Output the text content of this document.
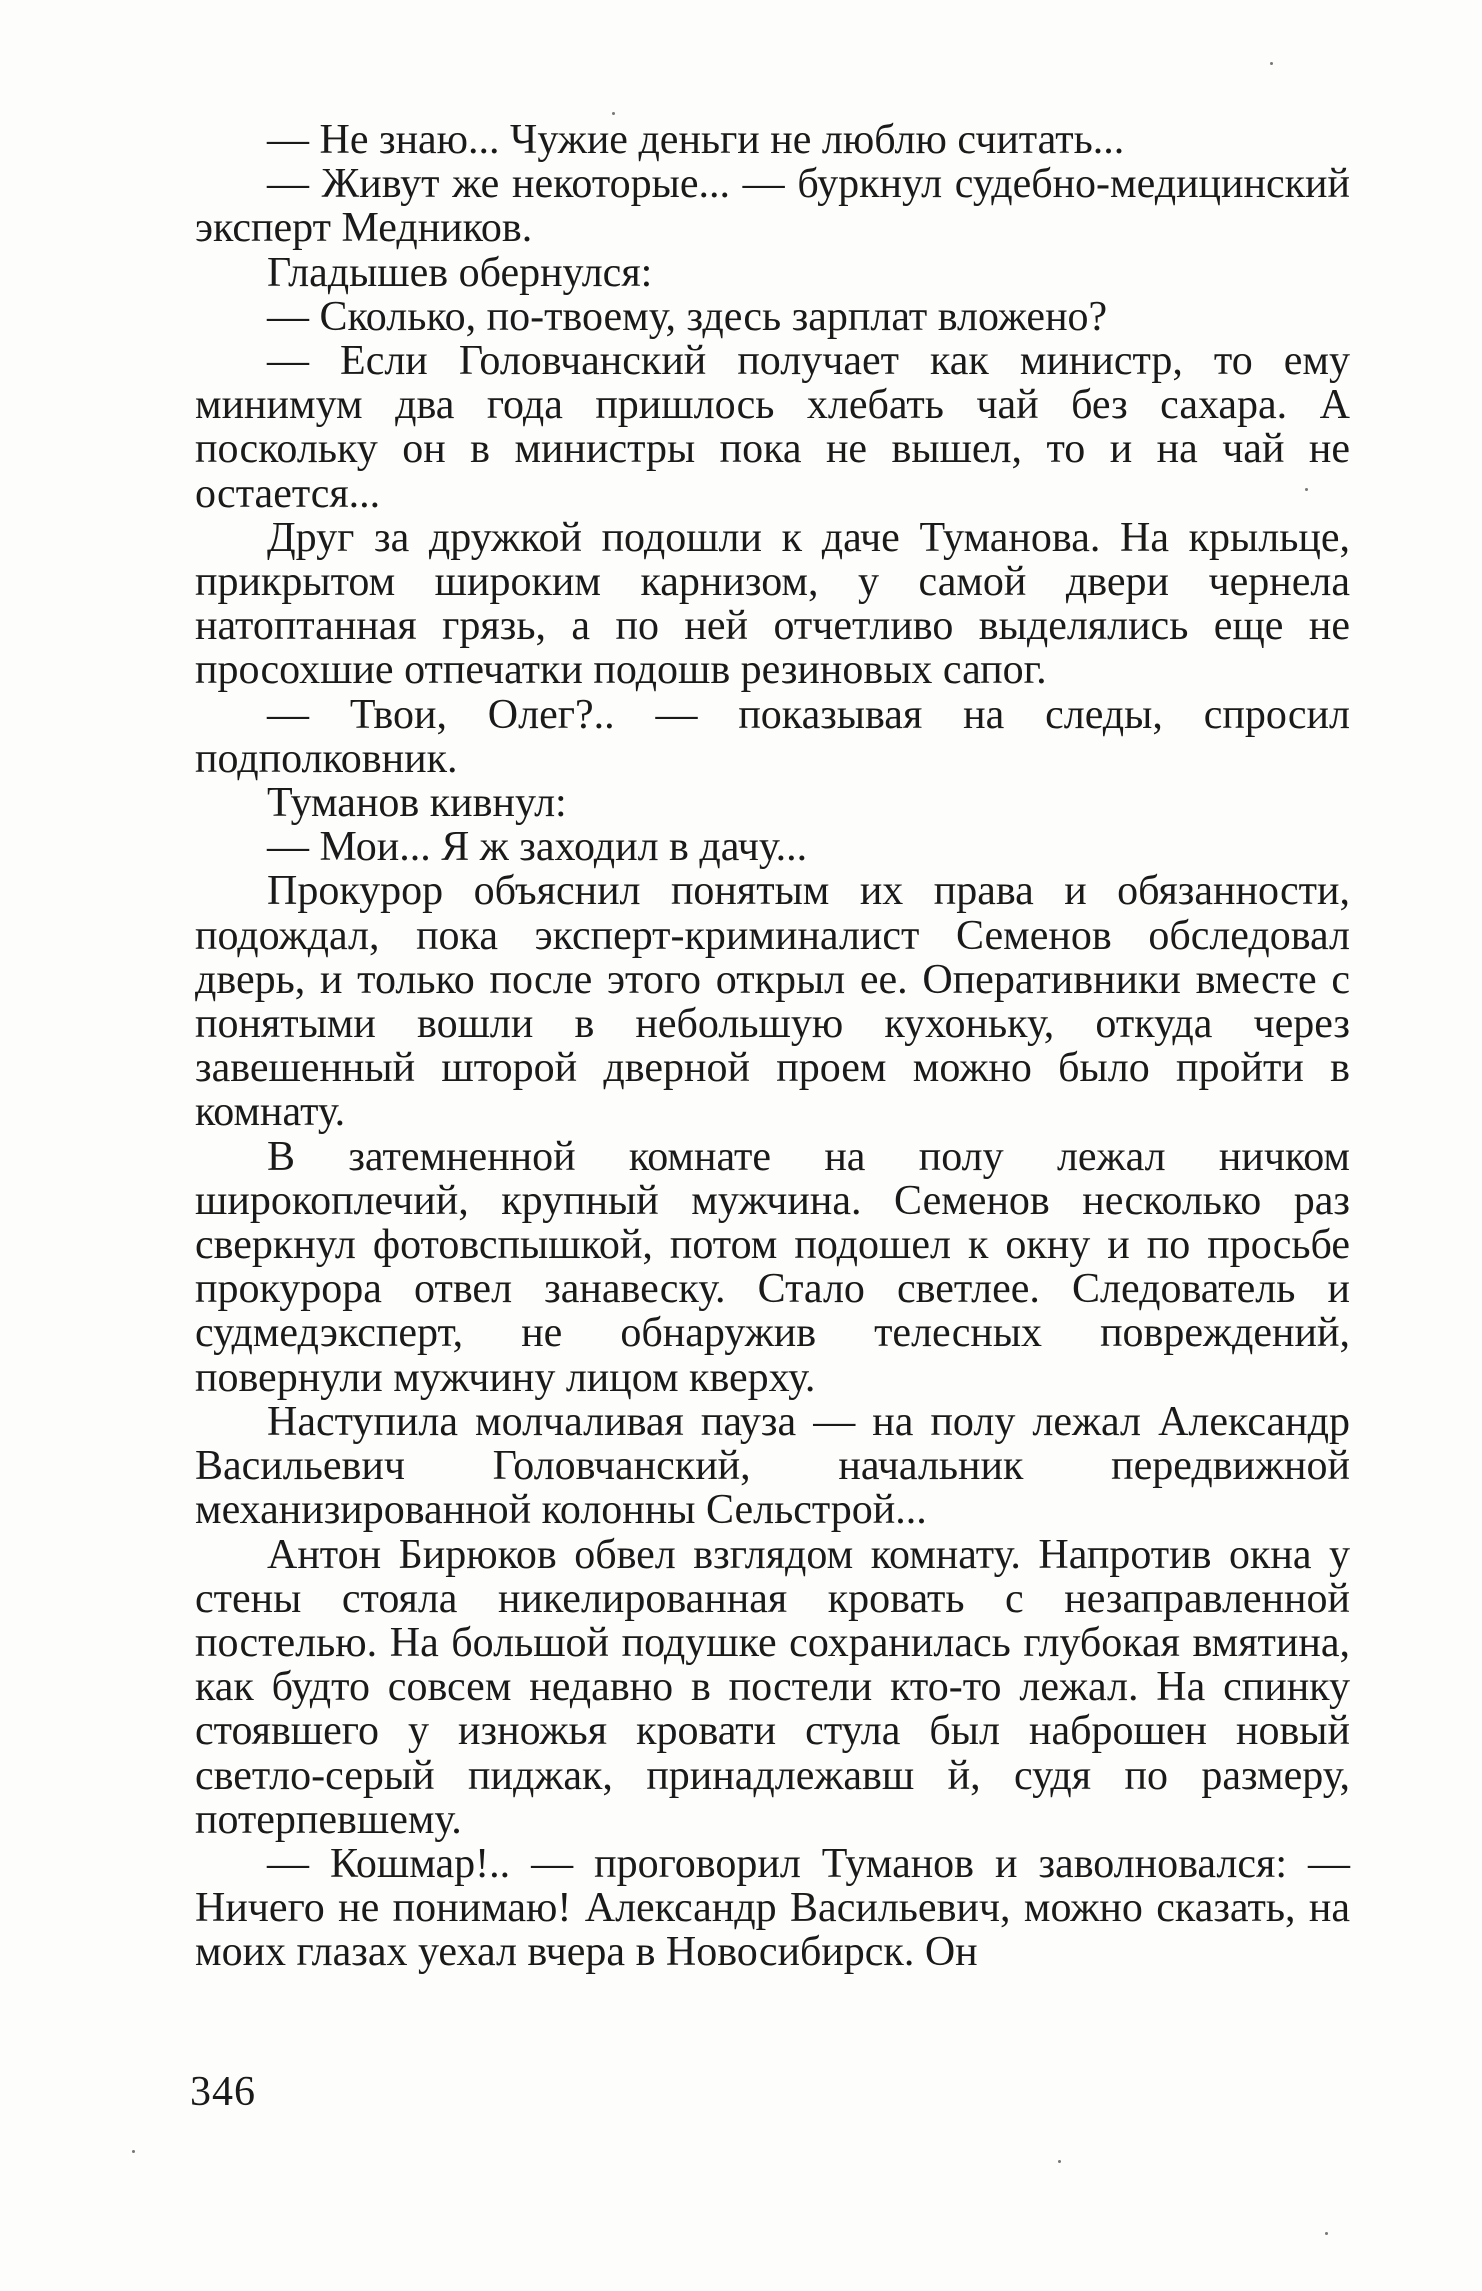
— Не знаю... Чужие деньги не люблю считать...

— Живут же некоторые... — буркнул судебно-медицинский эксперт Медников.

Гладышев обернулся:

— Сколько, по-твоему, здесь зарплат вложено?

— Если Головчанский получает как министр, то ему минимум два года пришлось хлебать чай без сахара. А поскольку он в министры пока не вышел, то и на чай не остается...

Друг за дружкой подошли к даче Туманова. На крыльце, прикрытом широким карнизом, у самой двери чернела натоптанная грязь, а по ней отчетливо выделялись еще не просохшие отпечатки подошв резиновых сапог.

— Твои, Олег?.. — показывая на следы, спросил подполковник.

Туманов кивнул:

— Мои... Я ж заходил в дачу...

Прокурор объяснил понятым их права и обязанности, подождал, пока эксперт-криминалист Семенов обследовал дверь, и только после этого открыл ее. Оперативники вместе с понятыми вошли в небольшую кухоньку, откуда через завешенный шторой дверной проем можно было пройти в комнату.

В затемненной комнате на полу лежал ничком широкоплечий, крупный мужчина. Семенов несколько раз сверкнул фотовспышкой, потом подошел к окну и по просьбе прокурора отвел занавеску. Стало светлее. Следователь и судмедэксперт, не обнаружив телесных повреждений, повернули мужчину лицом кверху.

Наступила молчаливая пауза — на полу лежал Александр Васильевич Головчанский, начальник передвижной механизированной колонны Сельстрой...

Антон Бирюков обвел взглядом комнату. Напротив окна у стены стояла никелированная кровать с незаправленной постелью. На большой подушке сохранилась глубокая вмятина, как будто совсем недавно в постели кто-то лежал. На спинку стоявшего у изножья кровати стула был наброшен новый светло-серый пиджак, принадлежавш й, судя по размеру, потерпевшему.

— Кошмар!.. — проговорил Туманов и заволновался: — Ничего не понимаю! Александр Васильевич, можно сказать, на моих глазах уехал вчера в Новосибирск. Он

346
